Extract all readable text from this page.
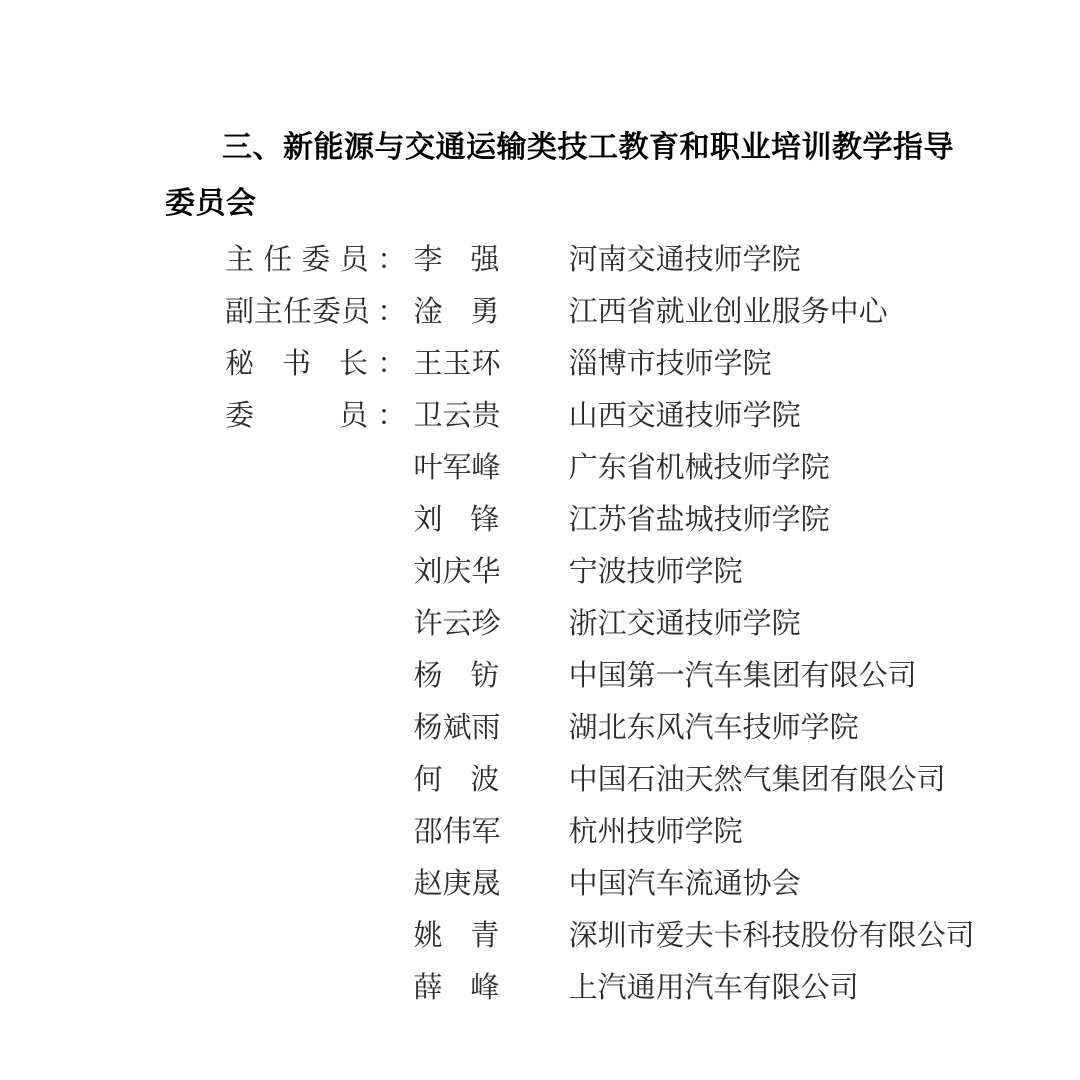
三、新能源与交通运输类技工教育和职业培训教学指导
委员会
主 任 委 员 ： 李 强 河南交通技师学院
副主任委员 ： 淦 勇 江西省就业创业服务中心
秘 书 长 ： 王玉环 淄博市技师学院
委 员 ： 卫云贵 山西交通技师学院
叶军峰 广东省机械技师学院
刘 锋 江苏省盐城技师学院
刘庆华 宁波技师学院
许云珍 浙江交通技师学院
杨 钫 中国第一汽车集团有限公司
杨斌雨 湖北东风汽车技师学院
何 波 中国石油天然气集团有限公司
邵伟军 杭州技师学院
赵庚晟 中国汽车流通协会
姚 青 深圳市爱夫卡科技股份有限公司
薛 峰 上汽通用汽车有限公司
